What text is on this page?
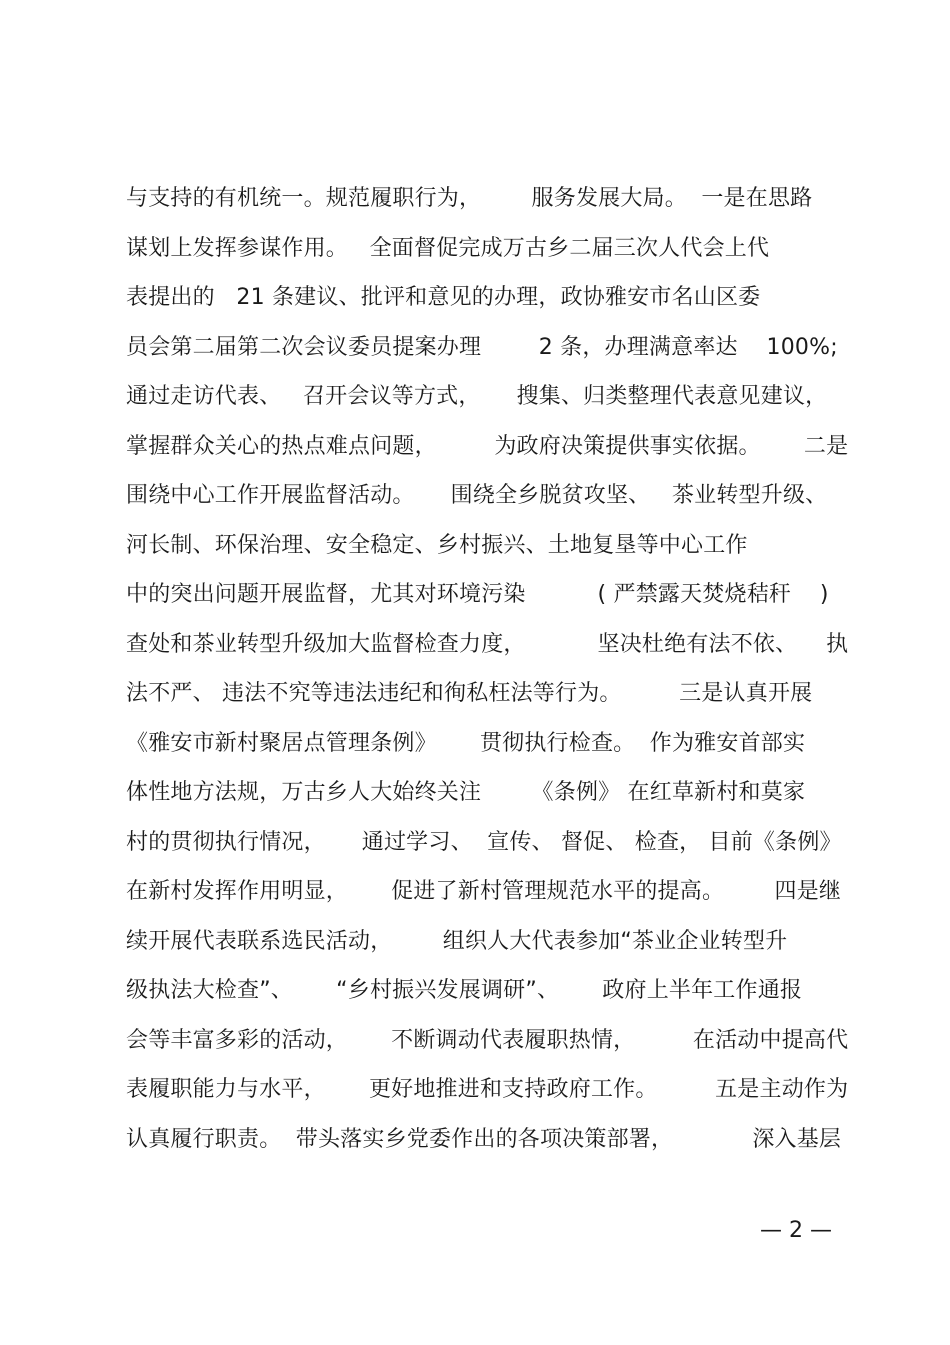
与支持的有机统一。规范履职行为，       服务发展大局。  一是在思路
谋划上发挥参谋作用。   全面督促完成万古乡二届三次人代会上代
表提出的   21 条建议、批评和意见的办理，政协雅安市名山区委
员会第二届第二次会议委员提案办理        2 条，办理满意率达    100%;
通过走访代表、   召开会议等方式，     搜集、归类整理代表意见建议，
掌握群众关心的热点难点问题，        为政府决策提供事实依据。      二是
围绕中心工作开展监督活动。     围绕全乡脱贫攻坚、   茶业转型升级、
河长制、环保治理、安全稳定、乡村振兴、土地复垦等中心工作
中的突出问题开展监督，尤其对环境污染          ( 严禁露天焚烧秸秆    )
查处和茶业转型升级加大监督检查力度，          坚决杜绝有法不依、    执
法不严、 违法不究等违法违纪和徇私枉法等行为。        三是认真开展
《雅安市新村聚居点管理条例》      贯彻执行检查。  作为雅安首部实
体性地方法规，万古乡人大始终关注       《条例》 在红草新村和莫家
村的贯彻执行情况，     通过学习、  宣传、 督促、 检查， 目前《条例》
在新村发挥作用明显，      促进了新村管理规范水平的提高。       四是继
续开展代表联系选民活动，       组织人大代表参加“茶业企业转型升
级执法大检查”、      “乡村振兴发展调研”、      政府上半年工作通报
会等丰富多彩的活动，      不断调动代表履职热情，        在活动中提高代
表履职能力与水平，      更好地推进和支持政府工作。        五是主动作为
认真履行职责。  带头落实乡党委作出的各项决策部署，           深入基层
— 2 —
